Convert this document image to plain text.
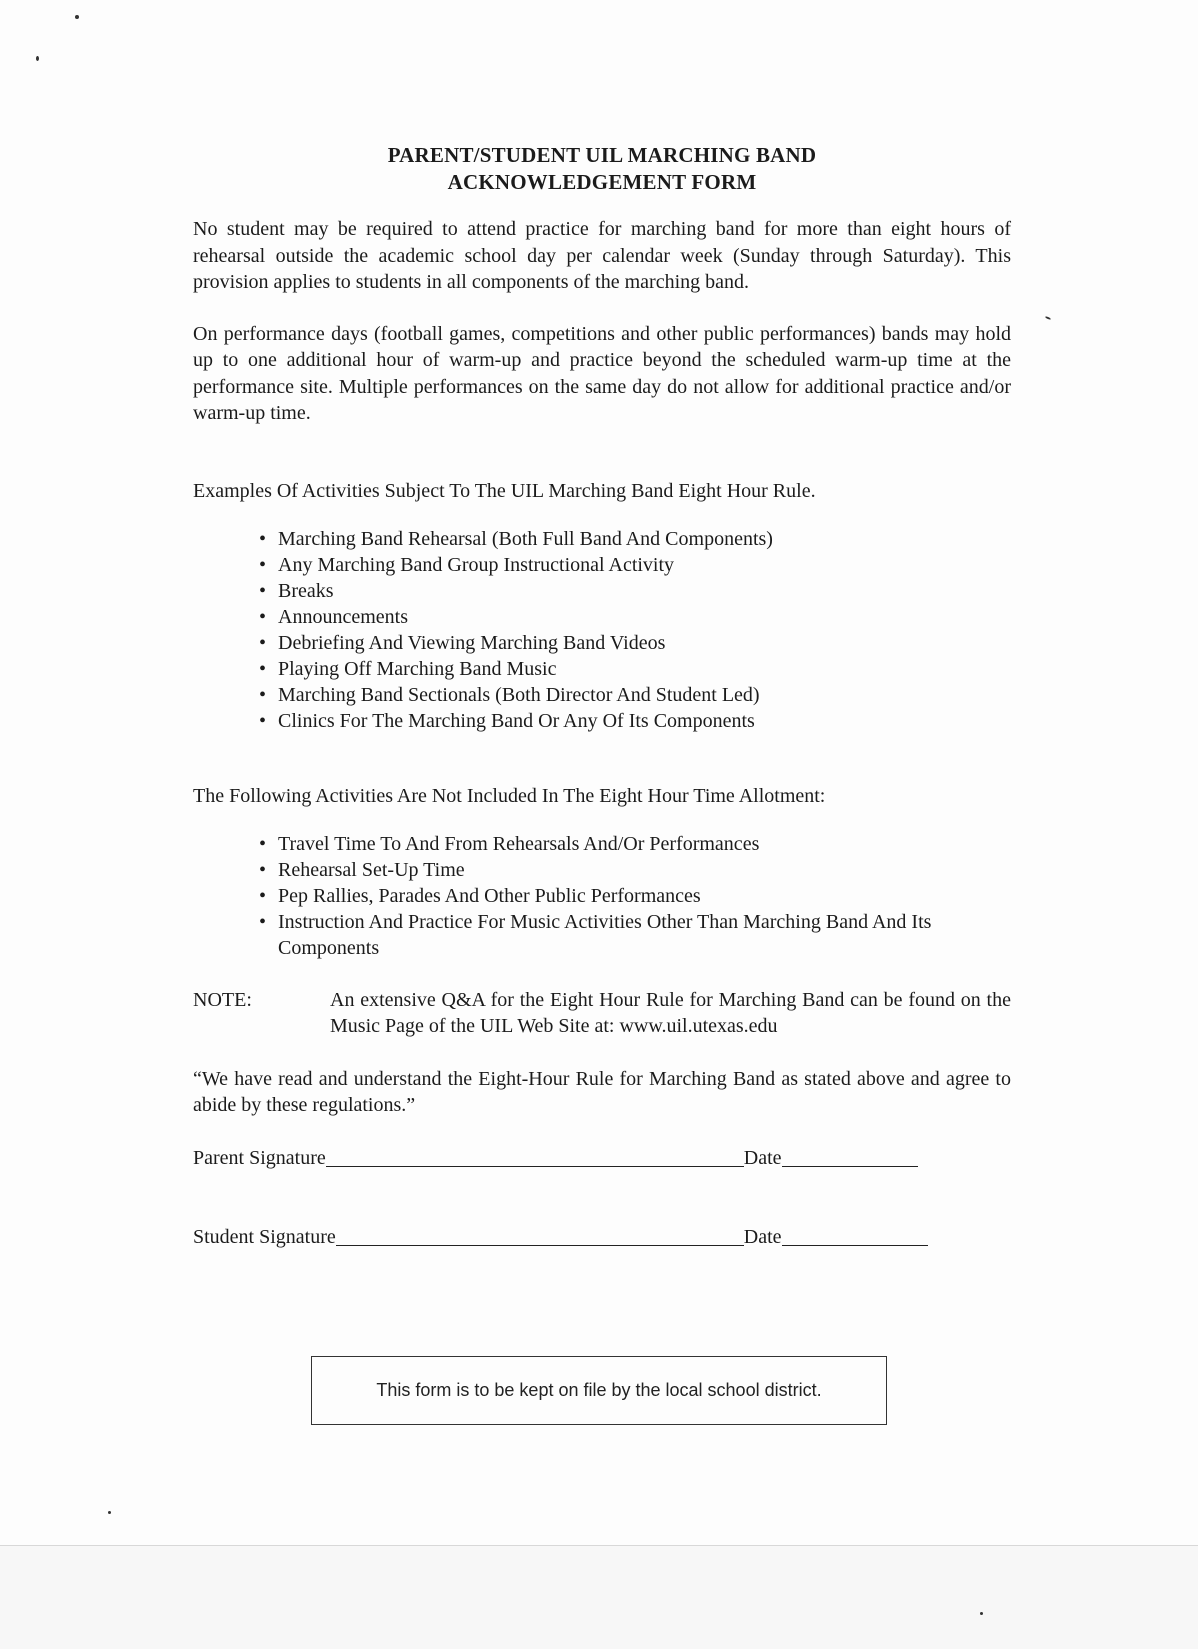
PARENT/STUDENT UIL MARCHING BAND
ACKNOWLEDGEMENT FORM

No student may be required to attend practice for marching band for more than eight hours of rehearsal outside the academic school day per calendar week (Sunday through Saturday). This provision applies to students in all components of the marching band.

On performance days (football games, competitions and other public performances) bands may hold up to one additional hour of warm-up and practice beyond the scheduled warm-up time at the performance site. Multiple performances on the same day do not allow for additional practice and/or warm-up time.

Examples Of Activities Subject To The UIL Marching Band Eight Hour Rule.

• Marching Band Rehearsal (Both Full Band And Components)
• Any Marching Band Group Instructional Activity
• Breaks
• Announcements
• Debriefing And Viewing Marching Band Videos
• Playing Off Marching Band Music
• Marching Band Sectionals (Both Director And Student Led)
• Clinics For The Marching Band Or Any Of Its Components

The Following Activities Are Not Included In The Eight Hour Time Allotment:

• Travel Time To And From Rehearsals And/Or Performances
• Rehearsal Set-Up Time
• Pep Rallies, Parades And Other Public Performances
• Instruction And Practice For Music Activities Other Than Marching Band And Its Components
NOTE:	An extensive Q&A for the Eight Hour Rule for Marching Band can be found on the Music Page of the UIL Web Site at: www.uil.utexas.edu

“We have read and understand the Eight-Hour Rule for Marching Band as stated above and agree to abide by these regulations.”

Parent Signature	Date
Student Signature	Date
This form is to be kept on file by the local school district.
